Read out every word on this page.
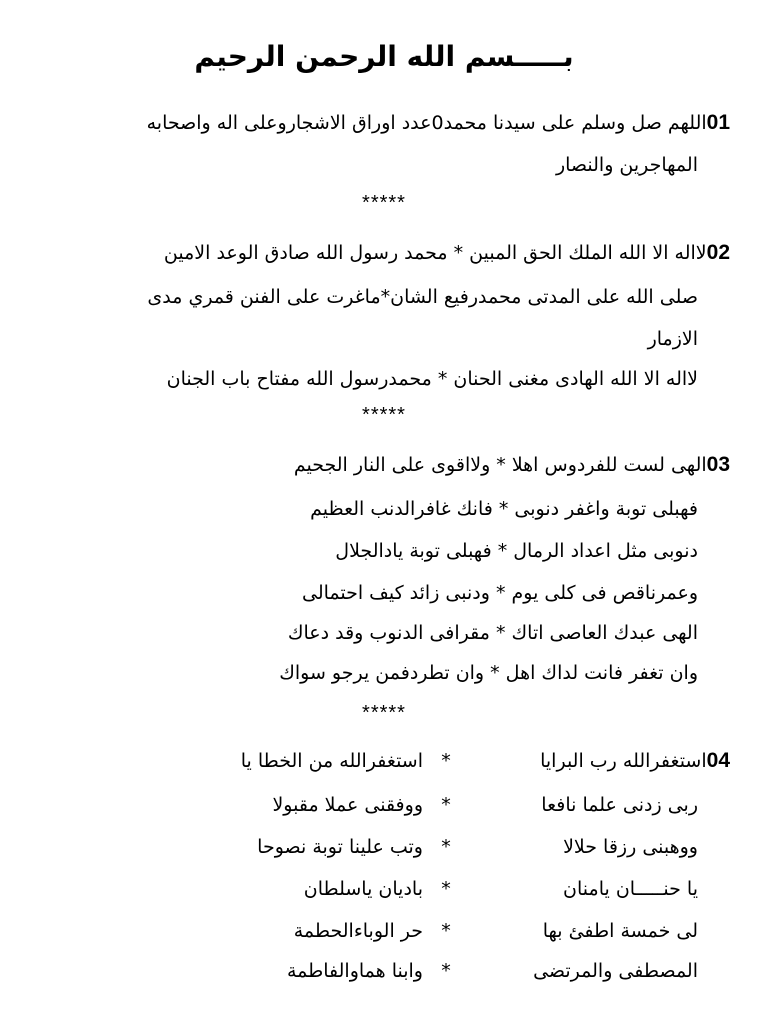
بـــــسم الله الرحمن الرحيم
01اللهم صل وسلم على سيدنا محمد0عدد اوراق الاشجاروعلى اله واصحابه
المهاجرين والنصار
*****
02لااله الا الله الملك الحق المبين * محمد رسول الله صادق الوعد الامين
صلى الله على المدتى محمدرفيع الشان*ماغرت على الفنن قمري مدى
الازمار
لااله الا الله الهادى مغنى الحنان * محمدرسول الله مفتاح باب الجنان
*****
03الهى لست للفردوس اهلا * ولااقوى على النار الجحيم
فهبلى توبة واغفر دنوبى * فانك غافرالدنب العظيم
دنوبى مثل اعداد الرمال * فهبلى توبة يادالجلال
وعمرناقص فى كلى يوم * ودنبى زائد كيف احتمالى
الهى عبدك العاصى اتاك * مقرافى الدنوب وقد دعاك
وان تغفر فانت لداك اهل * وان تطردفمن يرجو سواك
*****
04استغفرالله رب البرايا
*
استغفرالله من الخطا يا
ربى زدنى علما نافعا
*
ووفقنى عملا مقبولا
ووهبنى رزقا حلالا
*
وتب علينا توبة نصوحا
يا حنـــــان يامنان
*
باديان ياسلطان
لى خمسة اطفئ بها
*
حر الوباءالحطمة
المصطفى والمرتضى
*
وابنا هماوالفاطمة
